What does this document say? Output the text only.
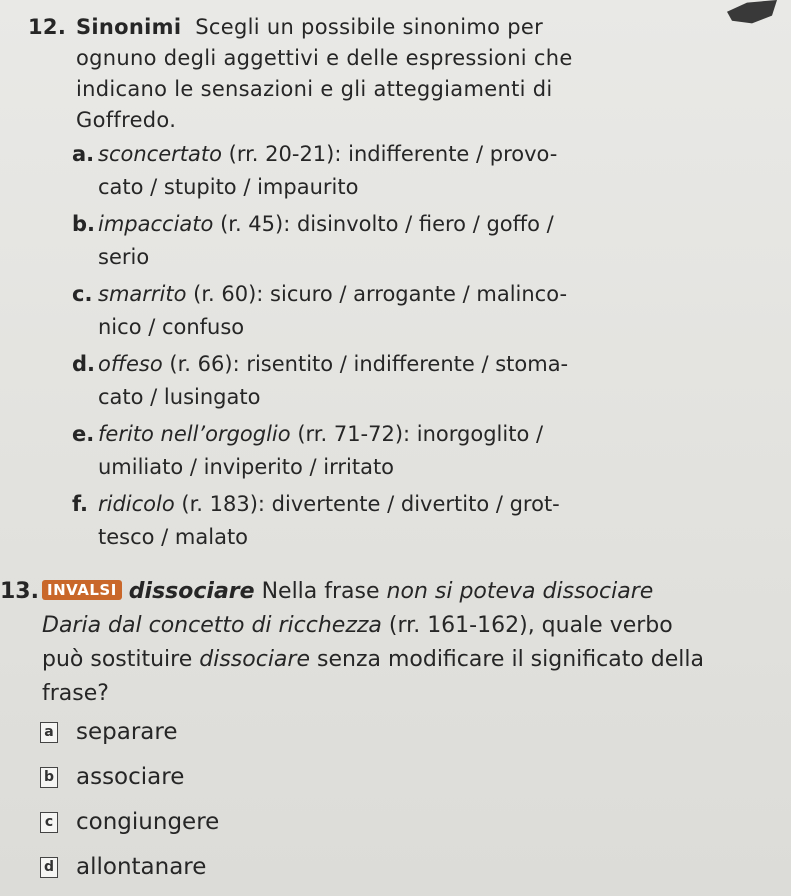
12. Sinonimi Scegli un possibile sinonimo per
ognuno degli aggettivi e delle espressioni che
indicano le sensazioni e gli atteggiamenti di
Goffredo.
a. sconcertato (rr. 20-21): indifferente / provo-
cato / stupito / impaurito
b. impacciato (r. 45): disinvolto / fiero / goffo /
serio
c. smarrito (r. 60): sicuro / arrogante / malinco-
nico / confuso
d. offeso (r. 66): risentito / indifferente / stoma-
cato / lusingato
e. ferito nell’orgoglio (rr. 71-72): inorgoglito /
umiliato / inviperito / irritato
f. ridicolo (r. 183): divertente / divertito / grot-
tesco / malato
13. INVALSI dissociare Nella frase non si poteva dissociare Daria dal concetto di ricchezza (rr. 161-162), quale verbo può sostituire dissociare senza modificare il significato della frase?
a separare
b associare
c congiungere
d allontanare
